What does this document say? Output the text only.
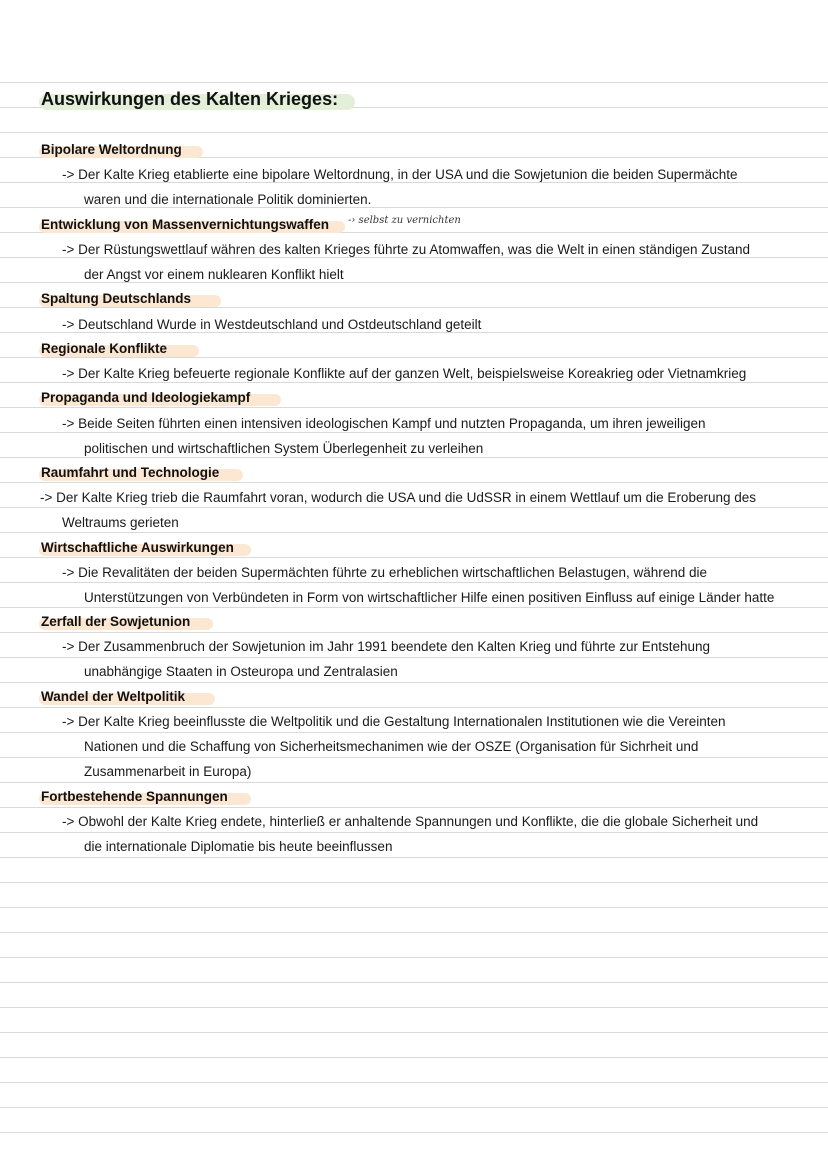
Auswirkungen des Kalten Krieges:
Bipolare Weltordnung
-> Der Kalte Krieg etablierte eine bipolare Weltordnung, in der USA und die Sowjetunion die beiden Supermächte
waren und die internationale Politik dominierten.
Entwicklung von Massenvernichtungswaffen -› selbst zu vernichten
-> Der Rüstungswettlauf währen des kalten Krieges führte zu Atomwaffen, was die Welt in einen ständigen Zustand
der Angst vor einem nuklearen Konflikt hielt
Spaltung Deutschlands
-> Deutschland Wurde in Westdeutschland und Ostdeutschland geteilt
Regionale Konflikte
-> Der Kalte Krieg befeuerte regionale Konflikte auf der ganzen Welt, beispielsweise Koreakrieg oder Vietnamkrieg
Propaganda und Ideologiekampf
-> Beide Seiten führten einen intensiven ideologischen Kampf und nutzten Propaganda, um ihren jeweiligen
politischen und wirtschaftlichen System Überlegenheit zu verleihen
Raumfahrt und Technologie
-> Der Kalte Krieg trieb die Raumfahrt voran, wodurch die USA und die UdSSR in einem Wettlauf um die Eroberung des
Weltraums gerieten
Wirtschaftliche Auswirkungen
-> Die Revalitäten der beiden Supermächten führte zu erheblichen wirtschaftlichen Belastugen, während die
Unterstützungen von Verbündeten in Form von wirtschaftlicher Hilfe einen positiven Einfluss auf einige Länder hatte
Zerfall der Sowjetunion
-> Der Zusammenbruch der Sowjetunion im Jahr 1991 beendete den Kalten Krieg und führte zur Entstehung
unabhängige Staaten in Osteuropa und Zentralasien
Wandel der Weltpolitik
-> Der Kalte Krieg beeinflusste die Weltpolitik und die Gestaltung Internationalen Institutionen wie die Vereinten
Nationen und die Schaffung von Sicherheitsmechanimen wie der OSZE (Organisation für Sichrheit und
Zusammenarbeit in Europa)
Fortbestehende Spannungen
-> Obwohl der Kalte Krieg endete, hinterließ er anhaltende Spannungen und Konflikte, die die globale Sicherheit und
die internationale Diplomatie bis heute beeinflussen
